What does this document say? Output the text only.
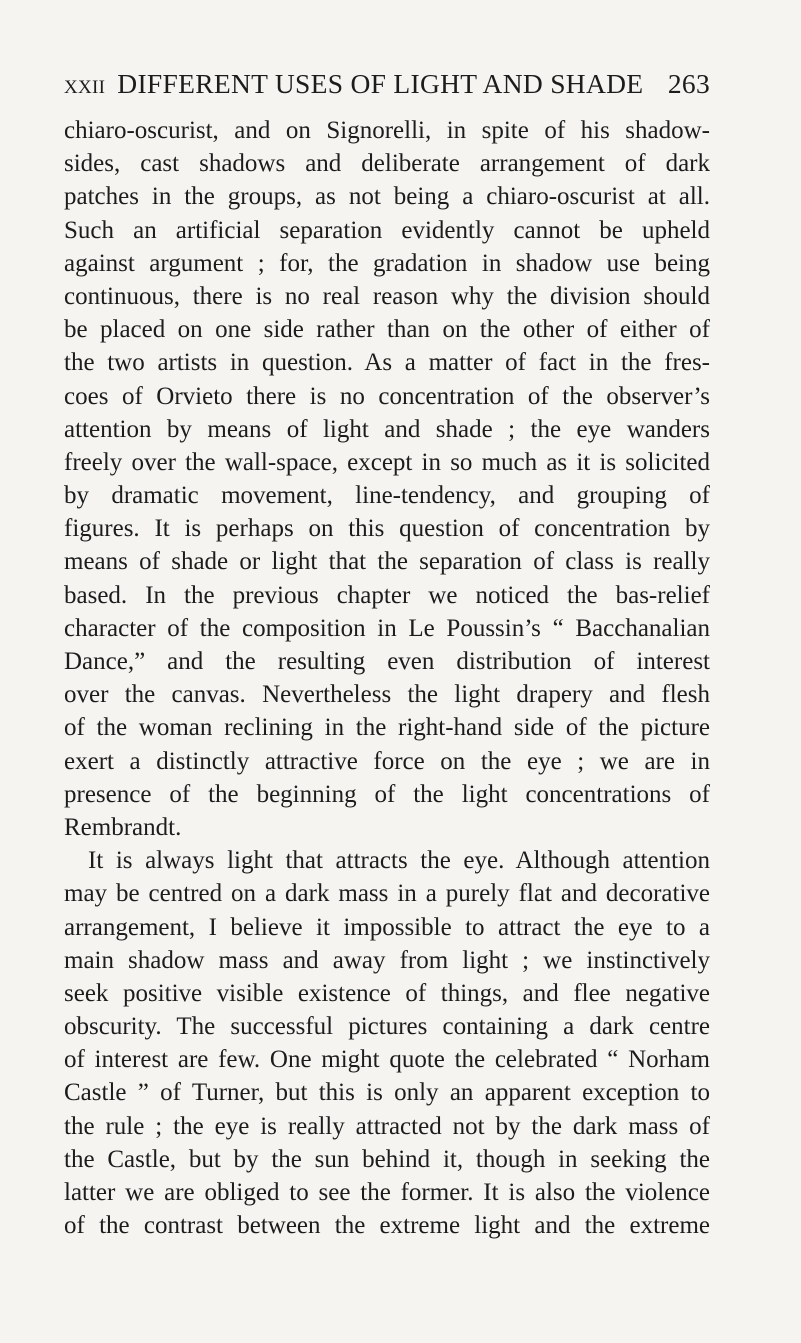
xxii DIFFERENT USES OF LIGHT AND SHADE 263
chiaro-oscurist, and on Signorelli, in spite of his shadow-
sides, cast shadows and deliberate arrangement of dark
patches in the groups, as not being a chiaro-oscurist at all.
Such an artificial separation evidently cannot be upheld
against argument ; for, the gradation in shadow use being
continuous, there is no real reason why the division should
be placed on one side rather than on the other of either of
the two artists in question. As a matter of fact in the fres-
coes of Orvieto there is no concentration of the observer’s
attention by means of light and shade ; the eye wanders
freely over the wall-space, except in so much as it is solicited
by dramatic movement, line-tendency, and grouping of
figures. It is perhaps on this question of concentration by
means of shade or light that the separation of class is really
based. In the previous chapter we noticed the bas-relief
character of the composition in Le Poussin’s “ Bacchanalian
Dance,” and the resulting even distribution of interest
over the canvas. Nevertheless the light drapery and flesh
of the woman reclining in the right-hand side of the picture
exert a distinctly attractive force on the eye ; we are in
presence of the beginning of the light concentrations of
Rembrandt.
It is always light that attracts the eye. Although attention
may be centred on a dark mass in a purely flat and decorative
arrangement, I believe it impossible to attract the eye to a
main shadow mass and away from light ; we instinctively
seek positive visible existence of things, and flee negative
obscurity. The successful pictures containing a dark centre
of interest are few. One might quote the celebrated “ Norham
Castle ” of Turner, but this is only an apparent exception to
the rule ; the eye is really attracted not by the dark mass of
the Castle, but by the sun behind it, though in seeking the
latter we are obliged to see the former. It is also the violence
of the contrast between the extreme light and the extreme
